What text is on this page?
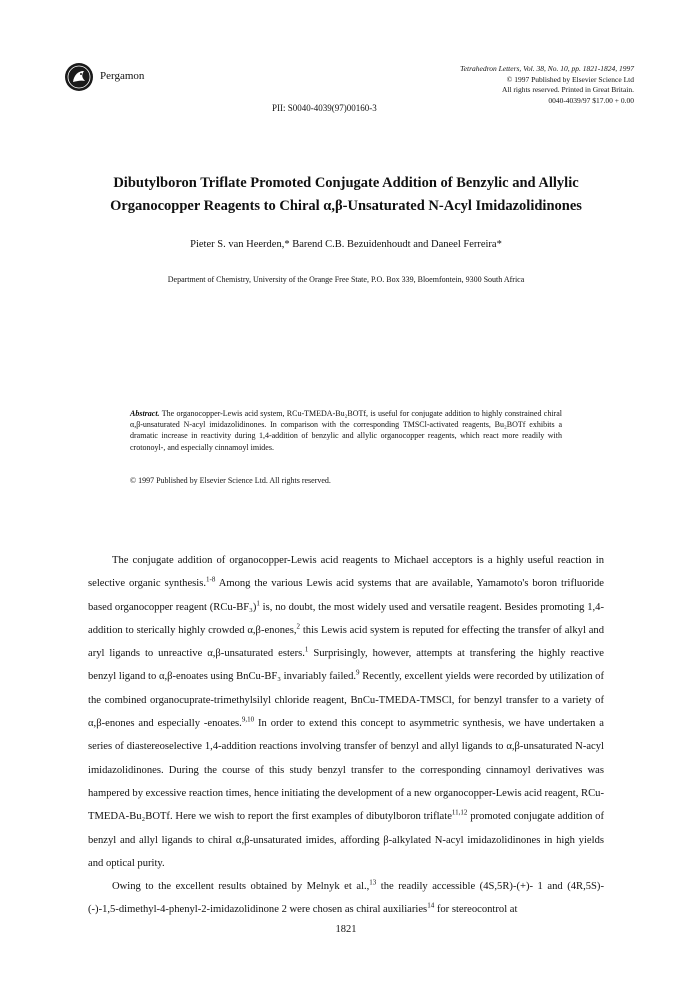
Pergamon
Tetrahedron Letters, Vol. 38, No. 10, pp. 1821-1824, 1997
© 1997 Published by Elsevier Science Ltd
All rights reserved. Printed in Great Britain.
0040-4039/97 $17.00 + 0.00
PII: S0040-4039(97)00160-3
Dibutylboron Triflate Promoted Conjugate Addition of Benzylic and Allylic
Organocopper Reagents to Chiral α,β-Unsaturated N-Acyl Imidazolidinones
Pieter S. van Heerden,* Barend C.B. Bezuidenhoudt and Daneel Ferreira*
Department of Chemistry, University of the Orange Free State, P.O. Box 339, Bloemfontein, 9300 South Africa
Abstract. The organocopper-Lewis acid system, RCu-TMEDA-Bu₂BOTf, is useful for conjugate addition to highly constrained chiral α,β-unsaturated N-acyl imidazolidinones. In comparison with the corresponding TMSCl-activated reagents, Bu₂BOTf exhibits a dramatic increase in reactivity during 1,4-addition of benzylic and allylic organocopper reagents, which react more readily with crotonoyl-, and especially cinnamoyl imides.
© 1997 Published by Elsevier Science Ltd. All rights reserved.

The conjugate addition of organocopper-Lewis acid reagents to Michael acceptors is a highly useful reaction in selective organic synthesis.$^{1-8}$ Among the various Lewis acid systems that are available, Yamamoto's boron trifluoride based organocopper reagent $(RCu-BF_3)^1$ is, no doubt, the most widely used and versatile reagent. Besides promoting 1,4-addition to sterically highly crowded α,β-enones,$^2$ this Lewis acid system is reputed for effecting the transfer of alkyl and aryl ligands to unreactive α,β-unsaturated esters.$^1$ Surprisingly, however, attempts at transfering the highly reactive benzyl ligand to α,β-enoates using BnCu-BF₃ invariably failed.$^9$ Recently, excellent yields were recorded by utilization of the combined organocuprate-trimethylsilyl chloride reagent, BnCu-TMEDA-TMSCl, for benzyl transfer to a variety of α,β-enones and especially -enoates.$^{9,10}$ In order to extend this concept to asymmetric synthesis, we have undertaken a series of diastereoselective 1,4-addition reactions involving transfer of benzyl and allyl ligands to α,β-unsaturated N-acyl imidazolidinones. During the course of this study benzyl transfer to the corresponding cinnamoyl derivatives was hampered by excessive reaction times, hence initiating the development of a new organocopper-Lewis acid reagent, RCu-TMEDA-Bu₂BOTf. Here we wish to report the first examples of dibutylboron triflate$^{11,12}$ promoted conjugate addition of benzyl and allyl ligands to chiral α,β-unsaturated imides, affording β-alkylated N-acyl imidazolidinones in high yields and optical purity.

Owing to the excellent results obtained by Melnyk et al.,$^{13}$ the readily accessible (4S,5R)-(+)- 1 and (4R,5S)-(-)-1,5-dimethyl-4-phenyl-2-imidazolidinone 2 were chosen as chiral auxiliaries$^{14}$ for stereocontrol at

1821
